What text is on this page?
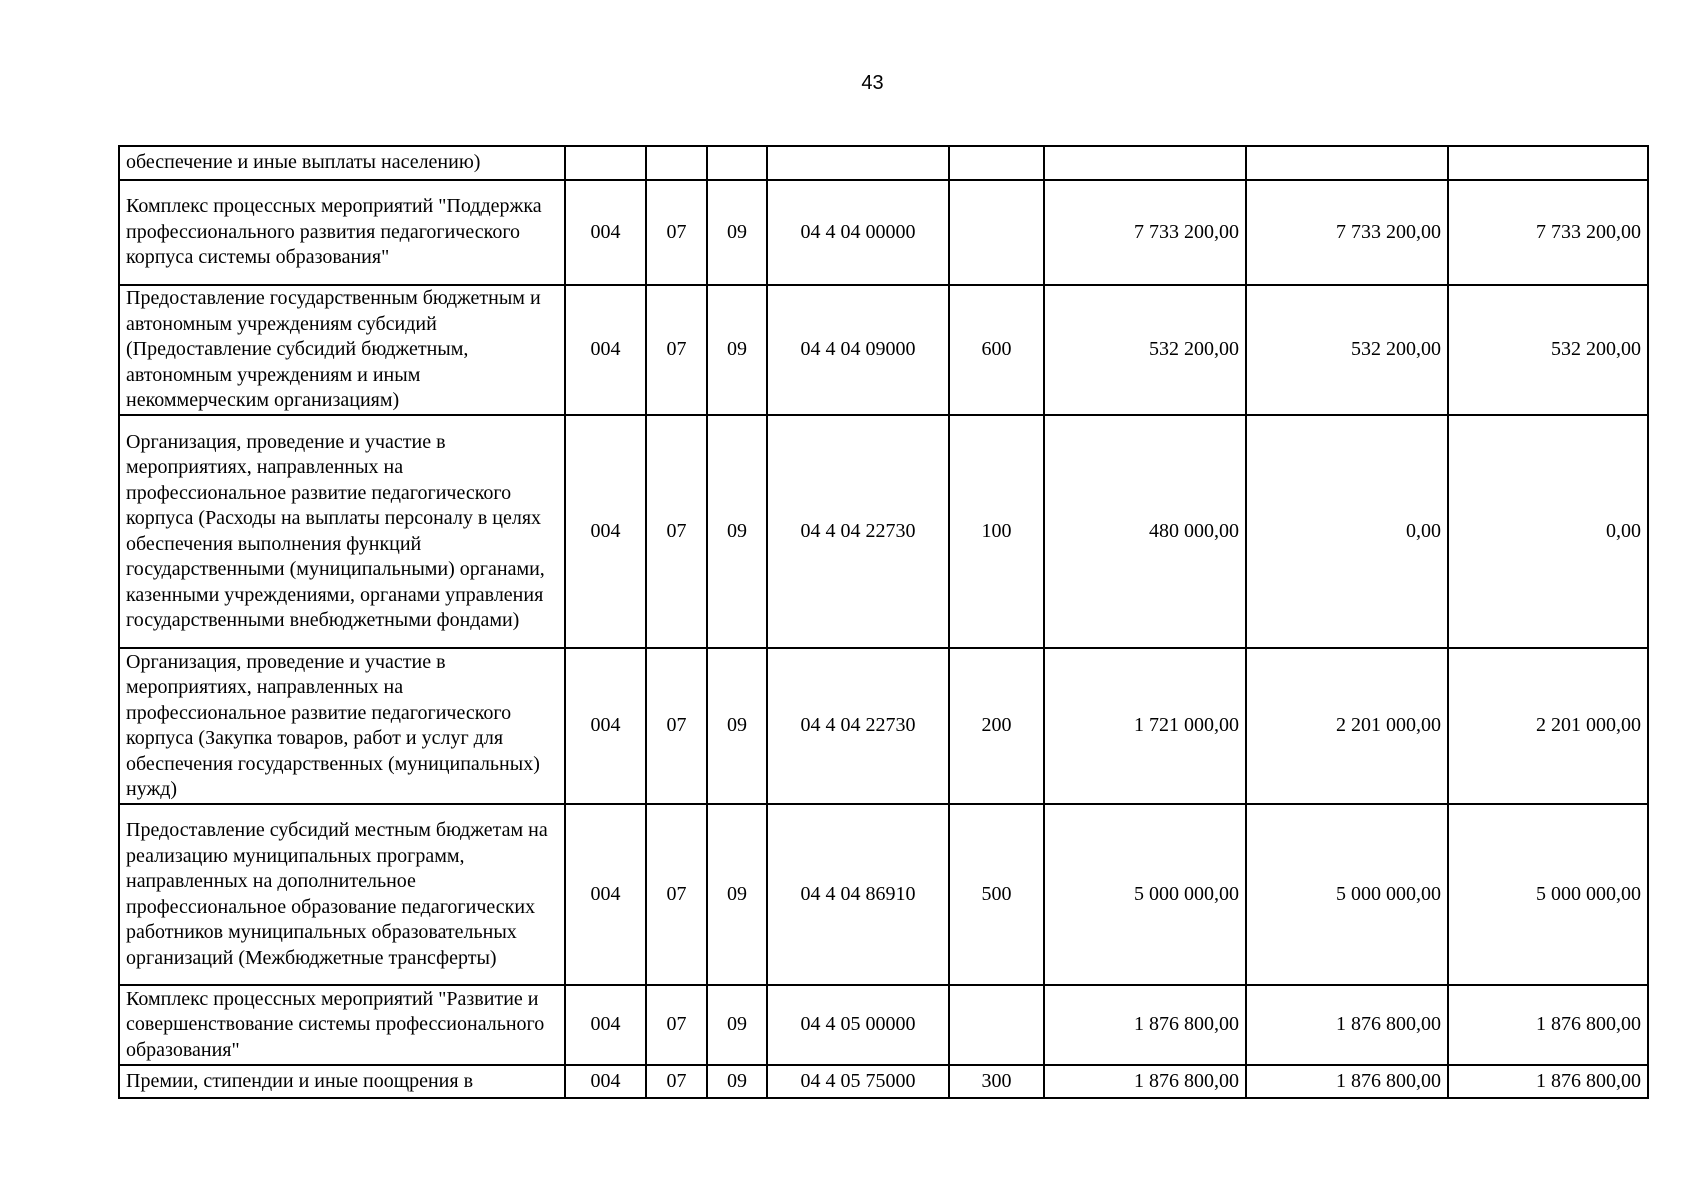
43
обеспечение и иные выплаты населению)								
Комплекс процессных мероприятий "Поддержка профессионального развития педагогического корпуса системы образования"	004	07	09	04 4 04 00000		7 733 200,00	7 733 200,00	7 733 200,00
Предоставление государственным бюджетным и автономным учреждениям субсидий (Предоставление субсидий бюджетным, автономным учреждениям и иным некоммерческим организациям)	004	07	09	04 4 04 09000	600	532 200,00	532 200,00	532 200,00
Организация, проведение и участие в мероприятиях, направленных на профессиональное развитие педагогического корпуса (Расходы на выплаты персоналу в целях обеспечения выполнения функций государственными (муниципальными) органами, казенными учреждениями, органами управления государственными внебюджетными фондами)	004	07	09	04 4 04 22730	100	480 000,00	0,00	0,00
Организация, проведение и участие в мероприятиях, направленных на профессиональное развитие педагогического корпуса (Закупка товаров, работ и услуг для обеспечения государственных (муниципальных) нужд)	004	07	09	04 4 04 22730	200	1 721 000,00	2 201 000,00	2 201 000,00
Предоставление субсидий местным бюджетам на реализацию муниципальных программ, направленных на дополнительное профессиональное образование педагогических работников муниципальных образовательных организаций (Межбюджетные трансферты)	004	07	09	04 4 04 86910	500	5 000 000,00	5 000 000,00	5 000 000,00
Комплекс процессных мероприятий "Развитие и совершенствование системы профессионального образования"	004	07	09	04 4 05 00000		1 876 800,00	1 876 800,00	1 876 800,00
Премии, стипендии и иные поощрения в	004	07	09	04 4 05 75000	300	1 876 800,00	1 876 800,00	1 876 800,00
